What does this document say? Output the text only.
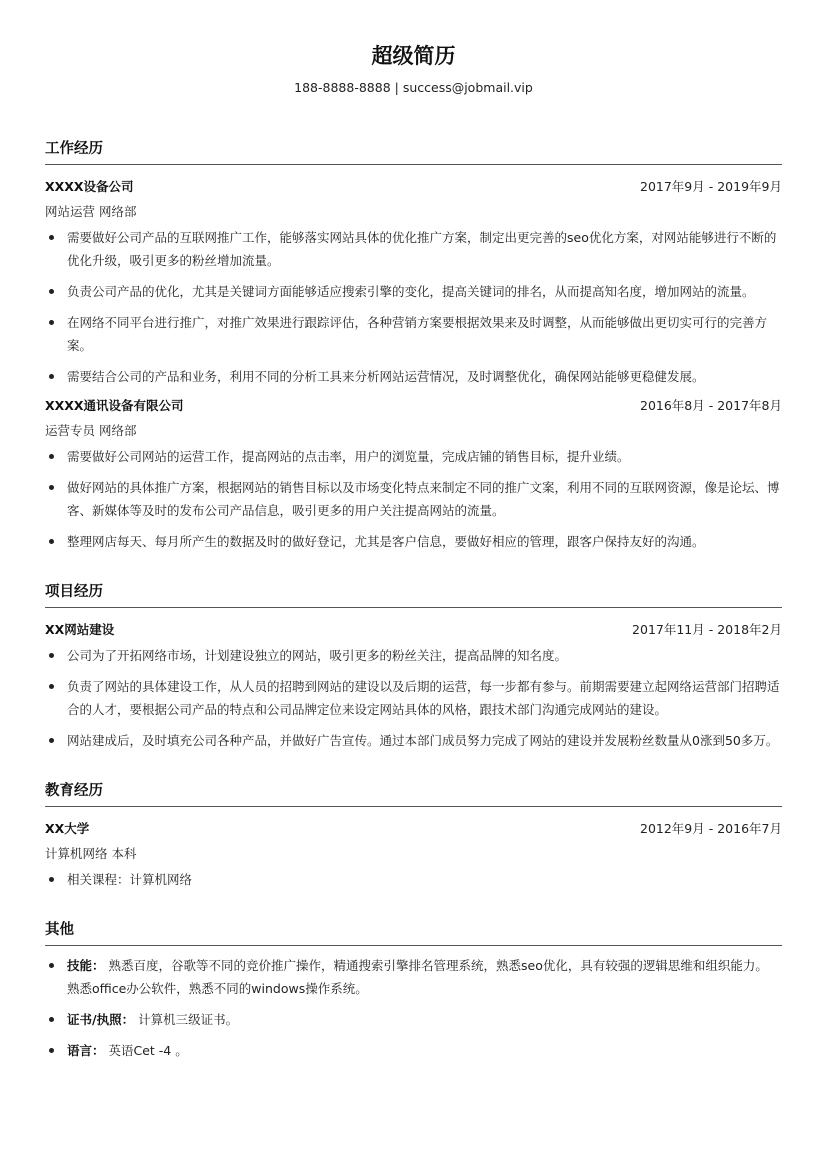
超级简历
188-8888-8888 | success@jobmail.vip
工作经历
XXXX设备公司	2017年9月 - 2019年9月
网站运营 网络部
需要做好公司产品的互联网推广工作，能够落实网站具体的优化推广方案，制定出更完善的seo优化方案，对网站能够进行不断的优化升级，吸引更多的粉丝增加流量。
负责公司产品的优化，尤其是关键词方面能够适应搜索引擎的变化，提高关键词的排名，从而提高知名度，增加网站的流量。
在网络不同平台进行推广，对推广效果进行跟踪评估，各种营销方案要根据效果来及时调整，从而能够做出更切实可行的完善方案。
需要结合公司的产品和业务，利用不同的分析工具来分析网站运营情况，及时调整优化，确保网站能够更稳健发展。
XXXX通讯设备有限公司	2016年8月 - 2017年8月
运营专员 网络部
需要做好公司网站的运营工作，提高网站的点击率，用户的浏览量，完成店铺的销售目标，提升业绩。
做好网站的具体推广方案，根据网站的销售目标以及市场变化特点来制定不同的推广文案，利用不同的互联网资源，像是论坛、博客、新媒体等及时的发布公司产品信息，吸引更多的用户关注提高网站的流量。
整理网店每天、每月所产生的数据及时的做好登记，尤其是客户信息，要做好相应的管理，跟客户保持友好的沟通。
项目经历
XX网站建设	2017年11月 - 2018年2月
公司为了开拓网络市场，计划建设独立的网站，吸引更多的粉丝关注，提高品牌的知名度。
负责了网站的具体建设工作，从人员的招聘到网站的建设以及后期的运营，每一步都有参与。前期需要建立起网络运营部门招聘适合的人才，要根据公司产品的特点和公司品牌定位来设定网站具体的风格，跟技术部门沟通完成网站的建设。
网站建成后，及时填充公司各种产品，并做好广告宣传。通过本部门成员努力完成了网站的建设并发展粉丝数量从0涨到50多万。
教育经历
XX大学	2012年9月 - 2016年7月
计算机网络 本科
相关课程：计算机网络
其他
技能： 熟悉百度，谷歌等不同的竞价推广操作，精通搜索引擎排名管理系统，熟悉seo优化，具有较强的逻辑思维和组织能力。 熟悉office办公软件，熟悉不同的windows操作系统。
证书/执照： 计算机三级证书。
语言： 英语Cet -4 。
